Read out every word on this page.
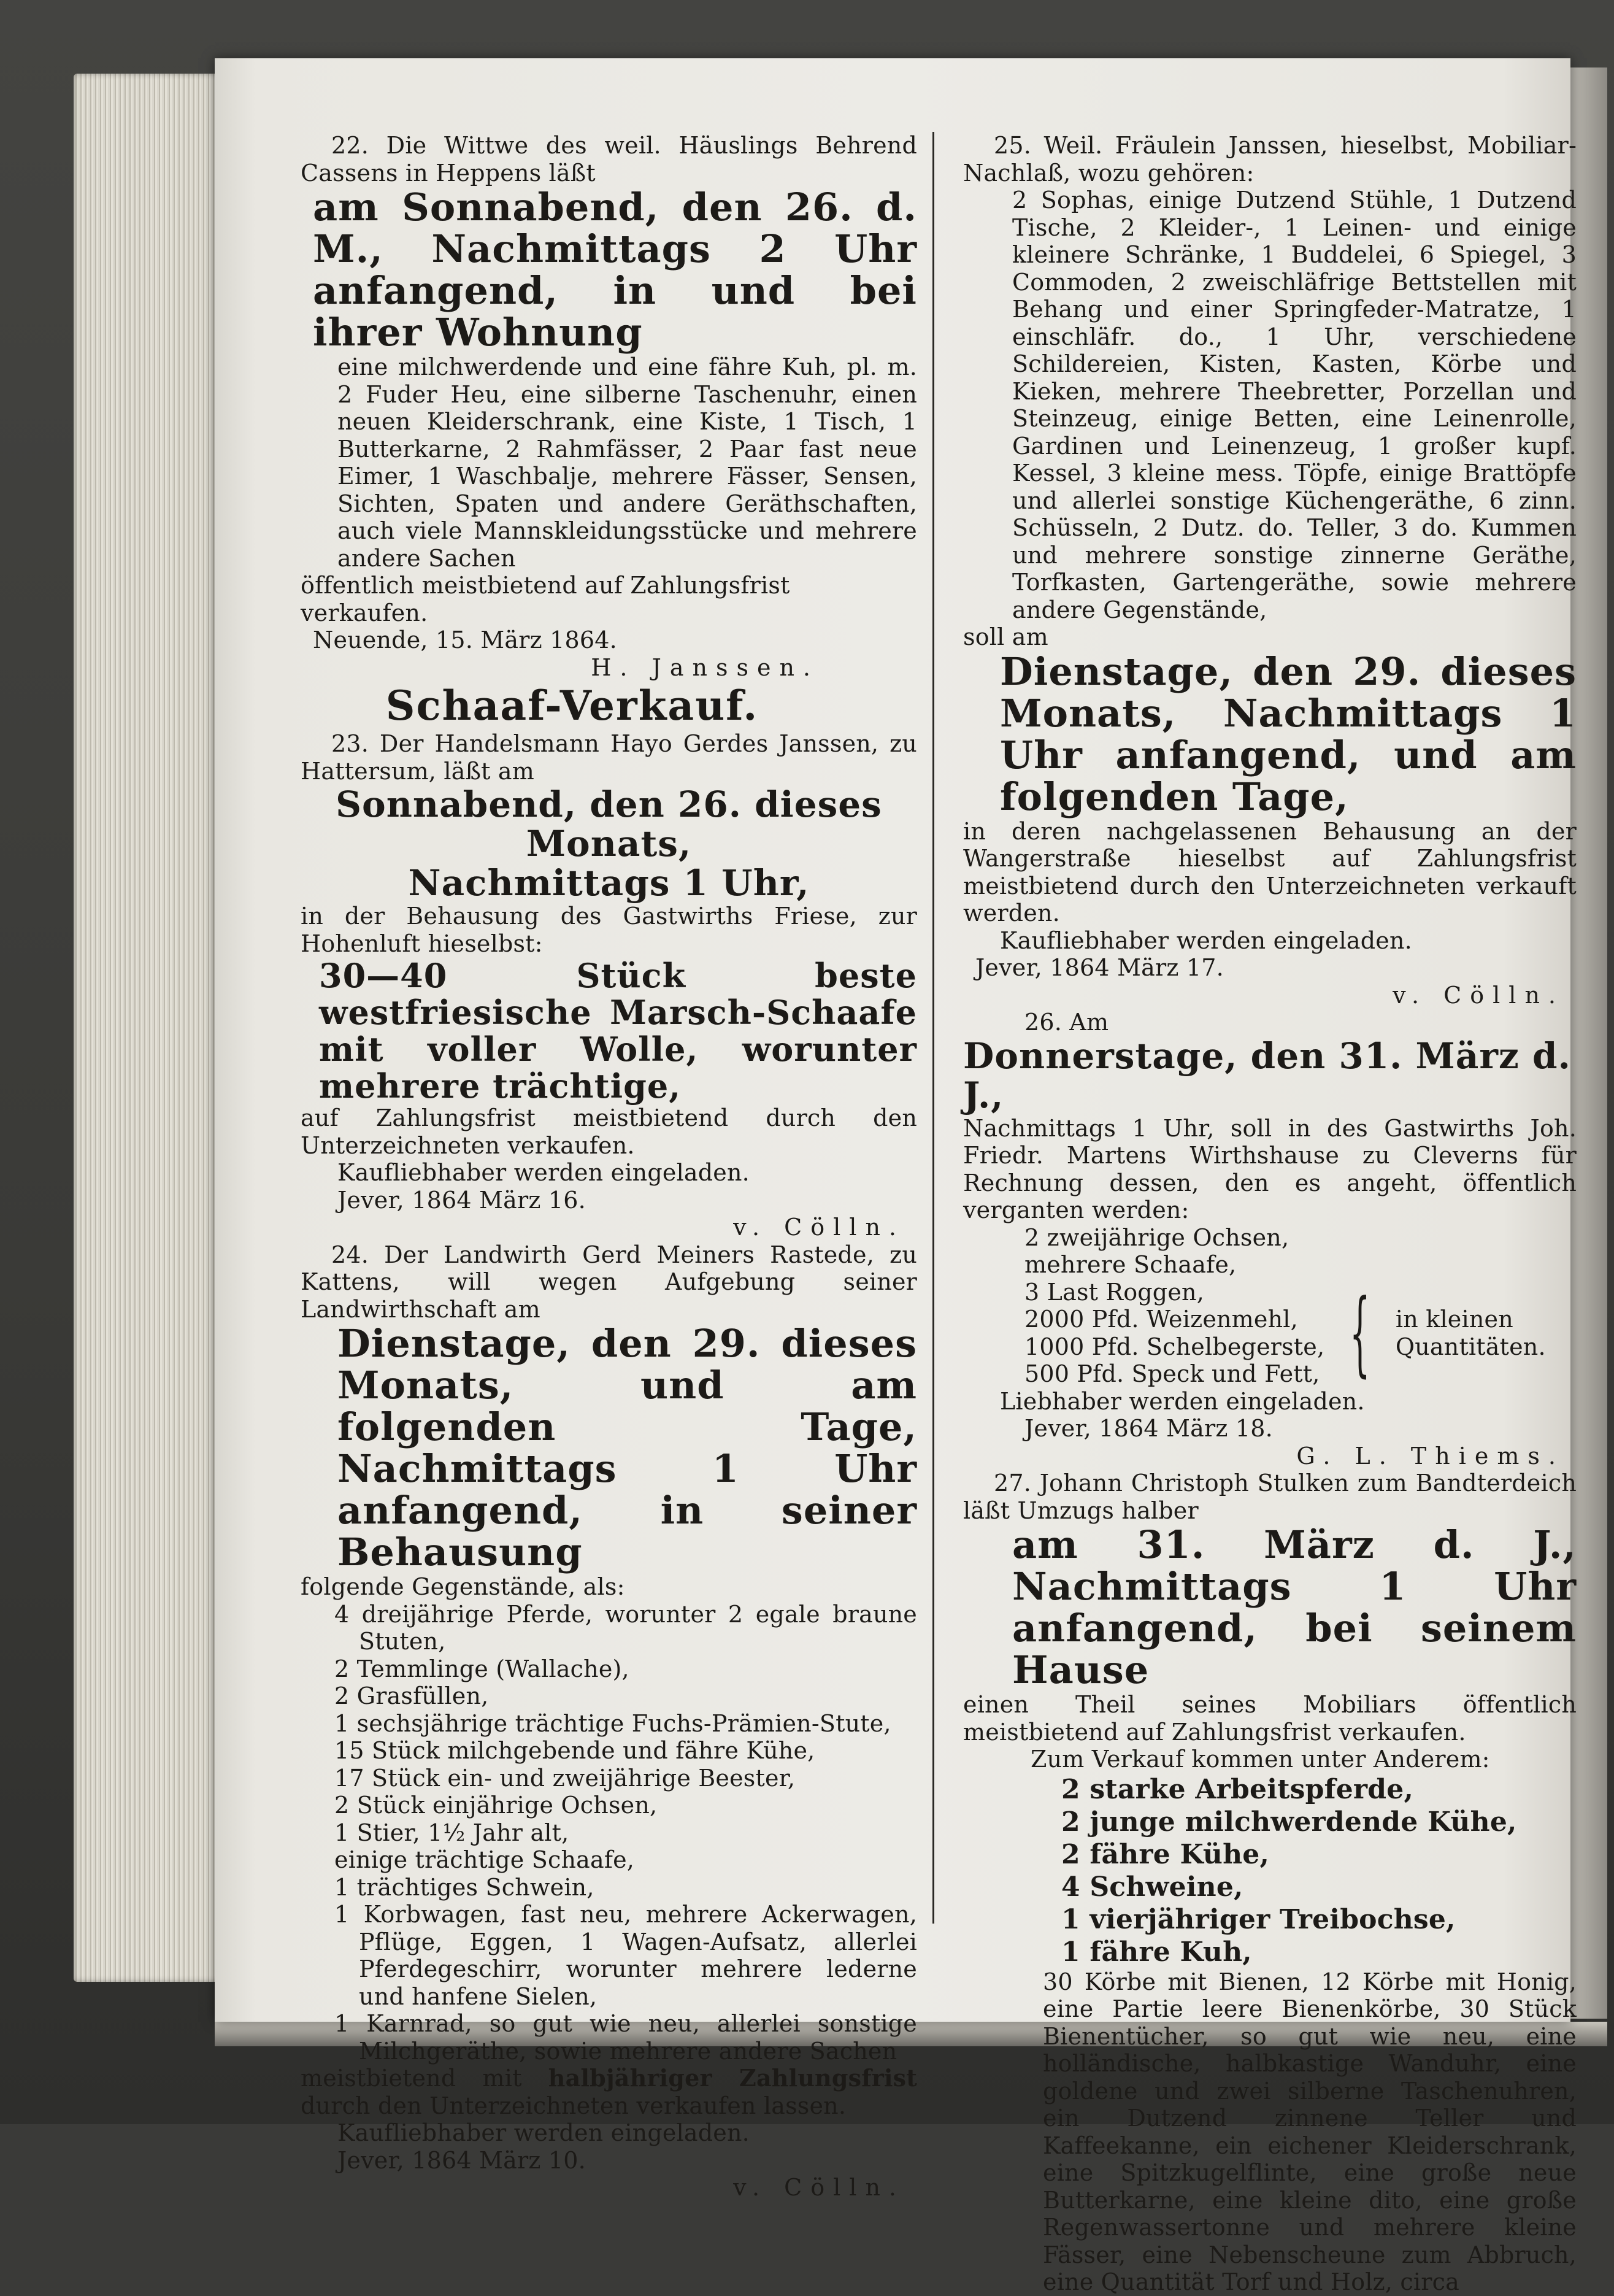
22. Die Wittwe des weil. Häuslings Behrend Cassens in Heppens läßt

am Sonnabend, den 26. d. M., Nachmittags 2 Uhr anfangend, in und bei ihrer Wohnung

eine milchwerdende und eine fähre Kuh, pl. m. 2 Fuder Heu, eine silberne Taschenuhr, einen neuen Kleiderschrank, eine Kiste, 1 Tisch, 1 Butterkarne, 2 Rahmfässer, 2 Paar fast neue Eimer, 1 Waschbalje, mehrere Fässer, Sensen, Sichten, Spaten und andere Geräthschaften, auch viele Mannskleidungsstücke und mehrere andere Sachen

öffentlich meistbietend auf Zahlungsfrist verkaufen.

Neuende, 15. März 1864.

H. Janssen.

Schaaf-Verkauf.

23. Der Handelsmann Hayo Gerdes Janssen, zu Hattersum, läßt am

Sonnabend, den 26. dieses Monats,

Nachmittags 1 Uhr,

in der Behausung des Gastwirths Friese, zur Hohenluft hieselbst:

30—40 Stück beste westfriesische Marsch-Schaafe mit voller Wolle, worunter mehrere trächtige,

auf Zahlungsfrist meistbietend durch den Unterzeichneten verkaufen.

Kaufliebhaber werden eingeladen.

Jever, 1864 März 16.

v. Cölln.

24. Der Landwirth Gerd Meiners Rastede, zu Kattens, will wegen Aufgebung seiner Landwirthschaft am

Dienstage, den 29. dieses Monats, und am folgenden Tage, Nachmittags 1 Uhr anfangend, in seiner Behausung

folgende Gegenstände, als:

4 dreijährige Pferde, worunter 2 egale braune Stuten,

2 Temmlinge (Wallache),

2 Grasfüllen,

1 sechsjährige trächtige Fuchs-Prämien-Stute,

15 Stück milchgebende und fähre Kühe,

17 Stück ein- und zweijährige Beester,

2 Stück einjährige Ochsen,

1 Stier, 1½ Jahr alt,

einige trächtige Schaafe,

1 trächtiges Schwein,

1 Korbwagen, fast neu, mehrere Ackerwagen, Pflüge, Eggen, 1 Wagen-Aufsatz, allerlei Pferdegeschirr, worunter mehrere lederne und hanfene Sielen,

1 Karnrad, so gut wie neu, allerlei sonstige Milchgeräthe, sowie mehrere andere Sachen

meistbietend mit halbjähriger Zahlungsfrist durch den Unterzeichneten verkaufen lassen.

Kaufliebhaber werden eingeladen.

Jever, 1864 März 10.

v. Cölln.

25. Weil. Fräulein Janssen, hieselbst, Mobiliar-Nachlaß, wozu gehören:

2 Sophas, einige Dutzend Stühle, 1 Dutzend Tische, 2 Kleider-, 1 Leinen- und einige kleinere Schränke, 1 Buddelei, 6 Spiegel, 3 Commoden, 2 zweischläfrige Bettstellen mit Behang und einer Springfeder-Matratze, 1 einschläfr. do., 1 Uhr, verschiedene Schildereien, Kisten, Kasten, Körbe und Kieken, mehrere Theebretter, Porzellan und Steinzeug, einige Betten, eine Leinenrolle, Gardinen und Leinenzeug, 1 großer kupf. Kessel, 3 kleine mess. Töpfe, einige Brattöpfe und allerlei sonstige Küchengeräthe, 6 zinn. Schüsseln, 2 Dutz. do. Teller, 3 do. Kummen und mehrere sonstige zinnerne Geräthe, Torfkasten, Gartengeräthe, sowie mehrere andere Gegenstände,

soll am

Dienstage, den 29. dieses Monats, Nachmittags 1 Uhr anfangend, und am folgenden Tage,

in deren nachgelassenen Behausung an der Wangerstraße hieselbst auf Zahlungsfrist meistbietend durch den Unterzeichneten verkauft werden.

Kaufliebhaber werden eingeladen.

Jever, 1864 März 17.

v. Cölln.

26. Am

Donnerstage, den 31. März d. J.,

Nachmittags 1 Uhr, soll in des Gastwirths Joh. Friedr. Martens Wirthshause zu Cleverns für Rechnung dessen, den es angeht, öffentlich verganten werden:

2 zweijährige Ochsen,

mehrere Schaafe,

3 Last Roggen,

2000 Pfd. Weizenmehl,

1000 Pfd. Schelbegerste,

500 Pfd. Speck und Fett, { in kleinen Quantitäten.

Liebhaber werden eingeladen.

Jever, 1864 März 18.

G. L. Thiems.

27. Johann Christoph Stulken zum Bandterdeich läßt Umzugs halber

am 31. März d. J., Nachmittags 1 Uhr anfangend, bei seinem Hause

einen Theil seines Mobiliars öffentlich meistbietend auf Zahlungsfrist verkaufen.

Zum Verkauf kommen unter Anderem:

2 starke Arbeitspferde,

2 junge milchwerdende Kühe,

2 fähre Kühe,

4 Schweine,

1 vierjähriger Treibochse,

1 fähre Kuh,

30 Körbe mit Bienen, 12 Körbe mit Honig, eine Partie leere Bienenkörbe, 30 Stück Bienentücher, so gut wie neu, eine holländische, halbkastige Wanduhr, eine goldene und zwei silberne Taschenuhren, ein Dutzend zinnene Teller und Kaffeekanne, ein eichener Kleiderschrank, eine Spitzkugelflinte, eine große neue Butterkarne, eine kleine dito, eine große Regenwassertonne und mehrere kleine Fässer, eine Nebenscheune zum Abbruch, eine Quantität Torf und Holz, circa
